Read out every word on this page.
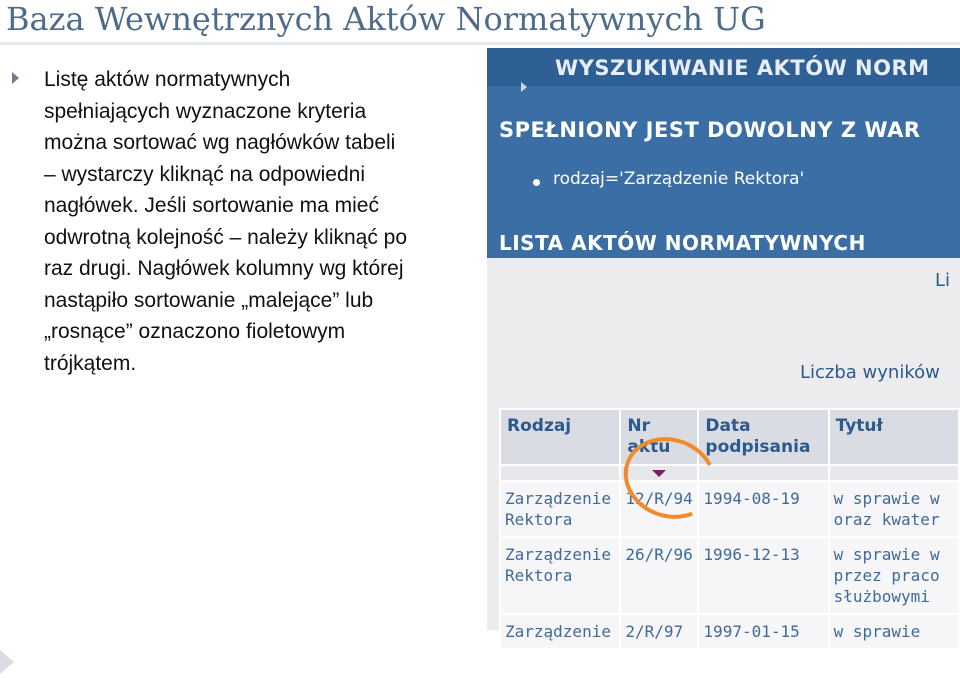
Baza Wewnętrznych Aktów Normatywnych UG
Listę aktów normatywnych
spełniających wyznaczone kryteria
można sortować wg nagłówków tabeli
– wystarczy kliknąć na odpowiedni
nagłówek. Jeśli sortowanie ma mieć
odwrotną kolejność – należy kliknąć po
raz drugi. Nagłówek kolumny wg której
nastąpiło sortowanie „malejące” lub
„rosnące” oznaczono fioletowym
trójkątem.
WYSZUKIWANIE AKTÓW NORM
SPEŁNIONY JEST DOWOLNY Z WAR
rodzaj='Zarządzenie Rektora'
LISTA AKTÓW NORMATYWNYCH
Li
Liczba wyników
Rodzaj	Nr aktu	Data podpisania	Tytuł

Zarządzenie Rektora	12/R/94	1994-08-19	w sprawie w oraz kwater

Zarządzenie Rektora	26/R/96	1996-12-13	w sprawie w przez praco służbowymi

Zarządzenie	2/R/97	1997-01-15	w sprawie
